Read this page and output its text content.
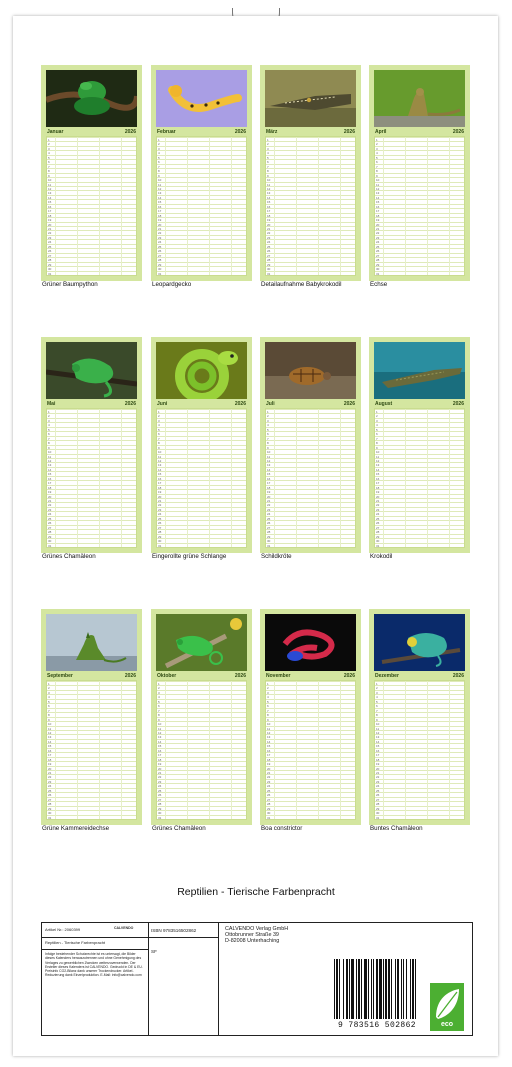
Januar	2026
1
2
3
4
5
6
7
8
9
10
11
12
13
14
15
16
17
18
19
20
21
22
23
24
25
26
27
28
29
30
31
Grüner Baumpython
Februar	2026
1
2
3
4
5
6
7
8
9
10
11
12
13
14
15
16
17
18
19
20
21
22
23
24
25
26
27
28
29
30
31
Leopardgecko
März	2026
1
2
3
4
5
6
7
8
9
10
11
12
13
14
15
16
17
18
19
20
21
22
23
24
25
26
27
28
29
30
31
Detailaufnahme Babykrokodil
April	2026
1
2
3
4
5
6
7
8
9
10
11
12
13
14
15
16
17
18
19
20
21
22
23
24
25
26
27
28
29
30
31
Echse
Mai	2026
1
2
3
4
5
6
7
8
9
10
11
12
13
14
15
16
17
18
19
20
21
22
23
24
25
26
27
28
29
30
31
Grünes Chamäleon
Juni	2026
1
2
3
4
5
6
7
8
9
10
11
12
13
14
15
16
17
18
19
20
21
22
23
24
25
26
27
28
29
30
31
Eingerollte grüne Schlange
Juli	2026
1
2
3
4
5
6
7
8
9
10
11
12
13
14
15
16
17
18
19
20
21
22
23
24
25
26
27
28
29
30
31
Schildkröte
August	2026
1
2
3
4
5
6
7
8
9
10
11
12
13
14
15
16
17
18
19
20
21
22
23
24
25
26
27
28
29
30
31
Krokodil
September	2026
1
2
3
4
5
6
7
8
9
10
11
12
13
14
15
16
17
18
19
20
21
22
23
24
25
26
27
28
29
30
31
Grüne Kammereidechse
Oktober	2026
1
2
3
4
5
6
7
8
9
10
11
12
13
14
15
16
17
18
19
20
21
22
23
24
25
26
27
28
29
30
31
Grünes Chamäleon
November	2026
1
2
3
4
5
6
7
8
9
10
11
12
13
14
15
16
17
18
19
20
21
22
23
24
25
26
27
28
29
30
31
Boa constrictor
Dezember	2026
1
2
3
4
5
6
7
8
9
10
11
12
13
14
15
16
17
18
19
20
21
22
23
24
25
26
27
28
29
30
31
Buntes Chamäleon
Reptilien - Tierische Farbenpracht
Artikel Nr.: 2060399	CALVENDO
Reptilien - Tierische Farbenpracht
Infolge bestehender Schutzrechte ist es untersagt, die Bilder dieses Kalenders herauszutrennen und ohne Genehmigung des Verlages zu gewerblichen Zwecken weiterzuverwenden. Der Ersteller dieses Kalenders ist CALVENDO. Gedruckt in DE & EU. Preisinfo CO2-Bilanz dank unserer Trockendrucker. Artikel-Reduzierung dank Einzelproduktion. E-Mail: info@calvendo.com
ISBN 9783516502862
SF
CALVENDO Verlag GmbH
Ottobrunner Straße 39
D-82008 Unterhaching
9 783516 502862	eco
